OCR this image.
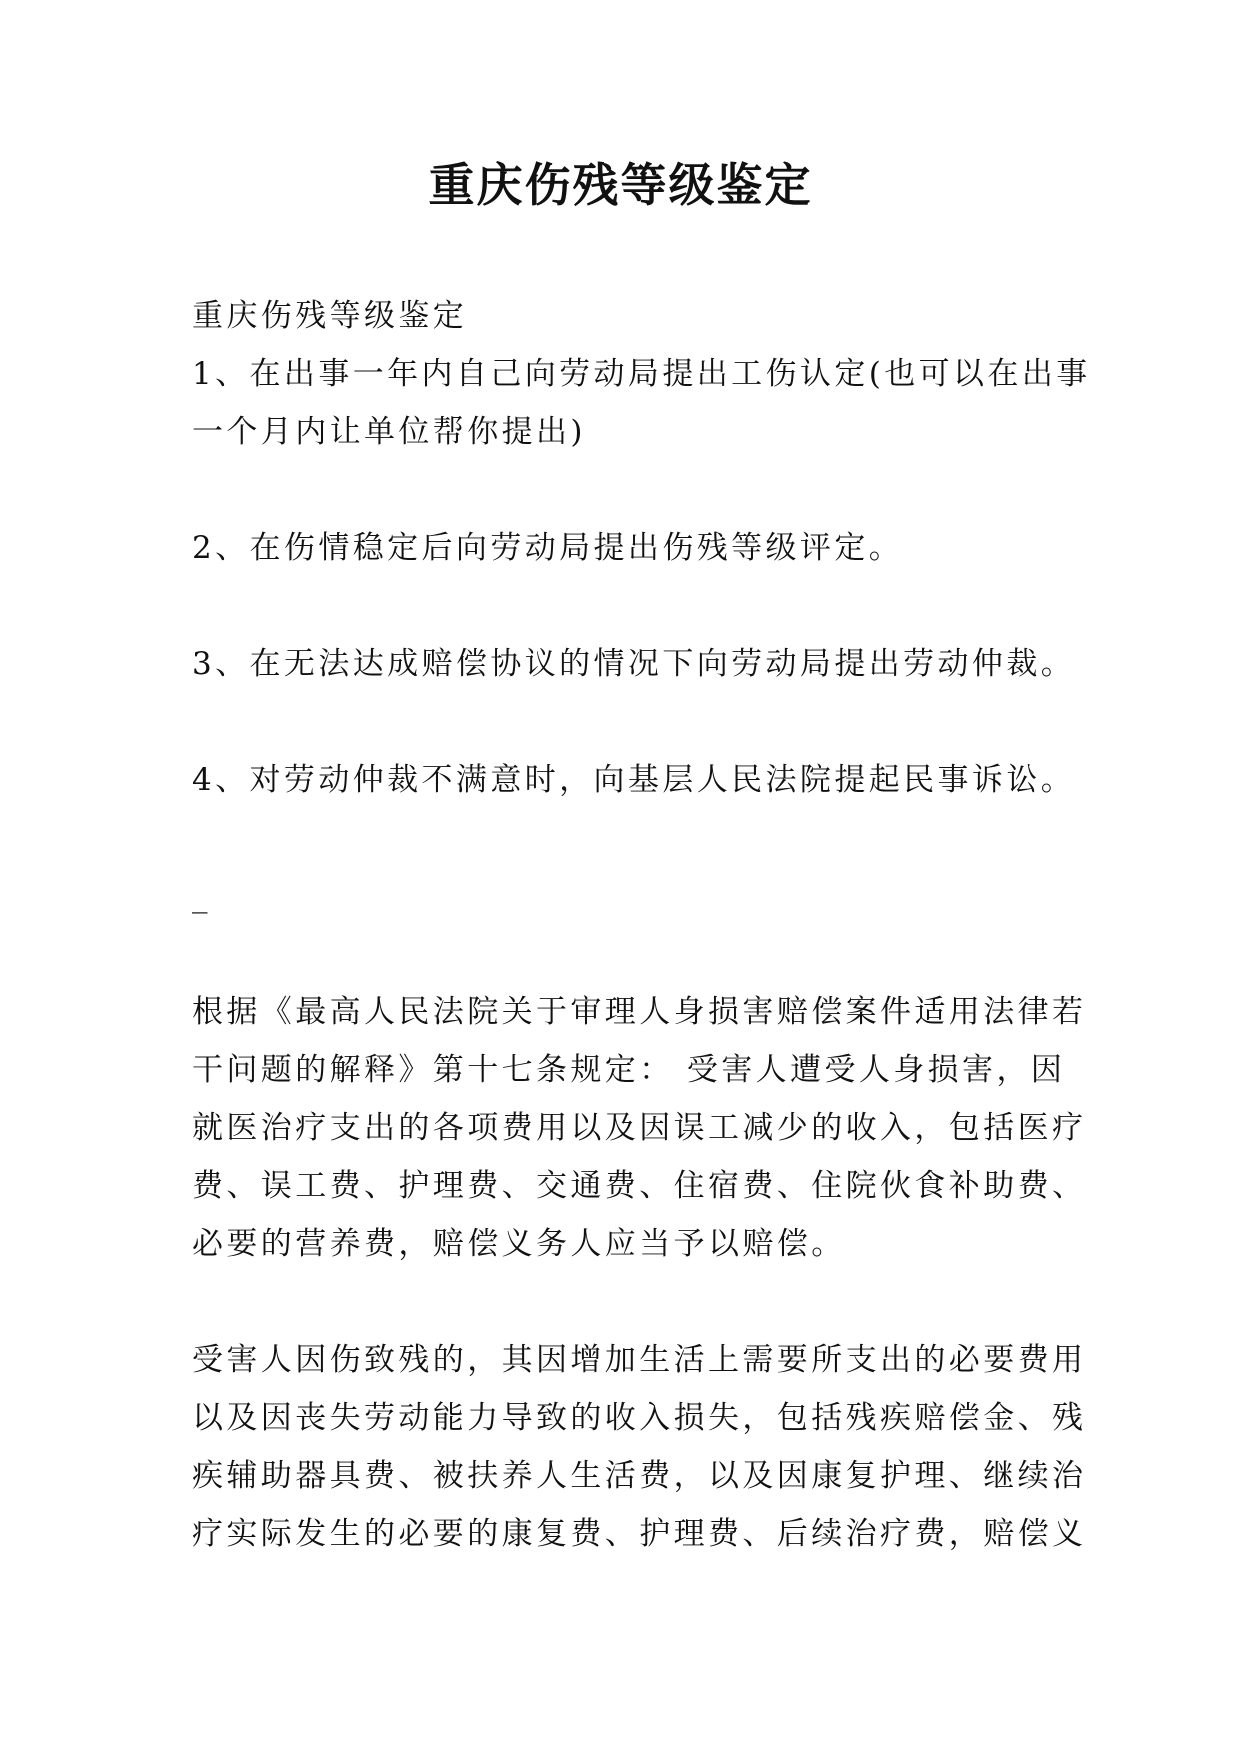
重庆伤残等级鉴定

重庆伤残等级鉴定

1、在出事一年内自己向劳动局提出工伤认定(也可以在出事

一个月内让单位帮你提出)

2、在伤情稳定后向劳动局提出伤残等级评定。

3、在无法达成赔偿协议的情况下向劳动局提出劳动仲裁。

4、对劳动仲裁不满意时，向基层人民法院提起民事诉讼。

_

根据《最高人民法院关于审理人身损害赔偿案件适用法律若

干问题的解释》第十七条规定： 受害人遭受人身损害，因

就医治疗支出的各项费用以及因误工减少的收入，包括医疗

费、误工费、护理费、交通费、住宿费、住院伙食补助费、

必要的营养费，赔偿义务人应当予以赔偿。

受害人因伤致残的，其因增加生活上需要所支出的必要费用

以及因丧失劳动能力导致的收入损失，包括残疾赔偿金、残

疾辅助器具费、被扶养人生活费，以及因康复护理、继续治

疗实际发生的必要的康复费、护理费、后续治疗费，赔偿义
